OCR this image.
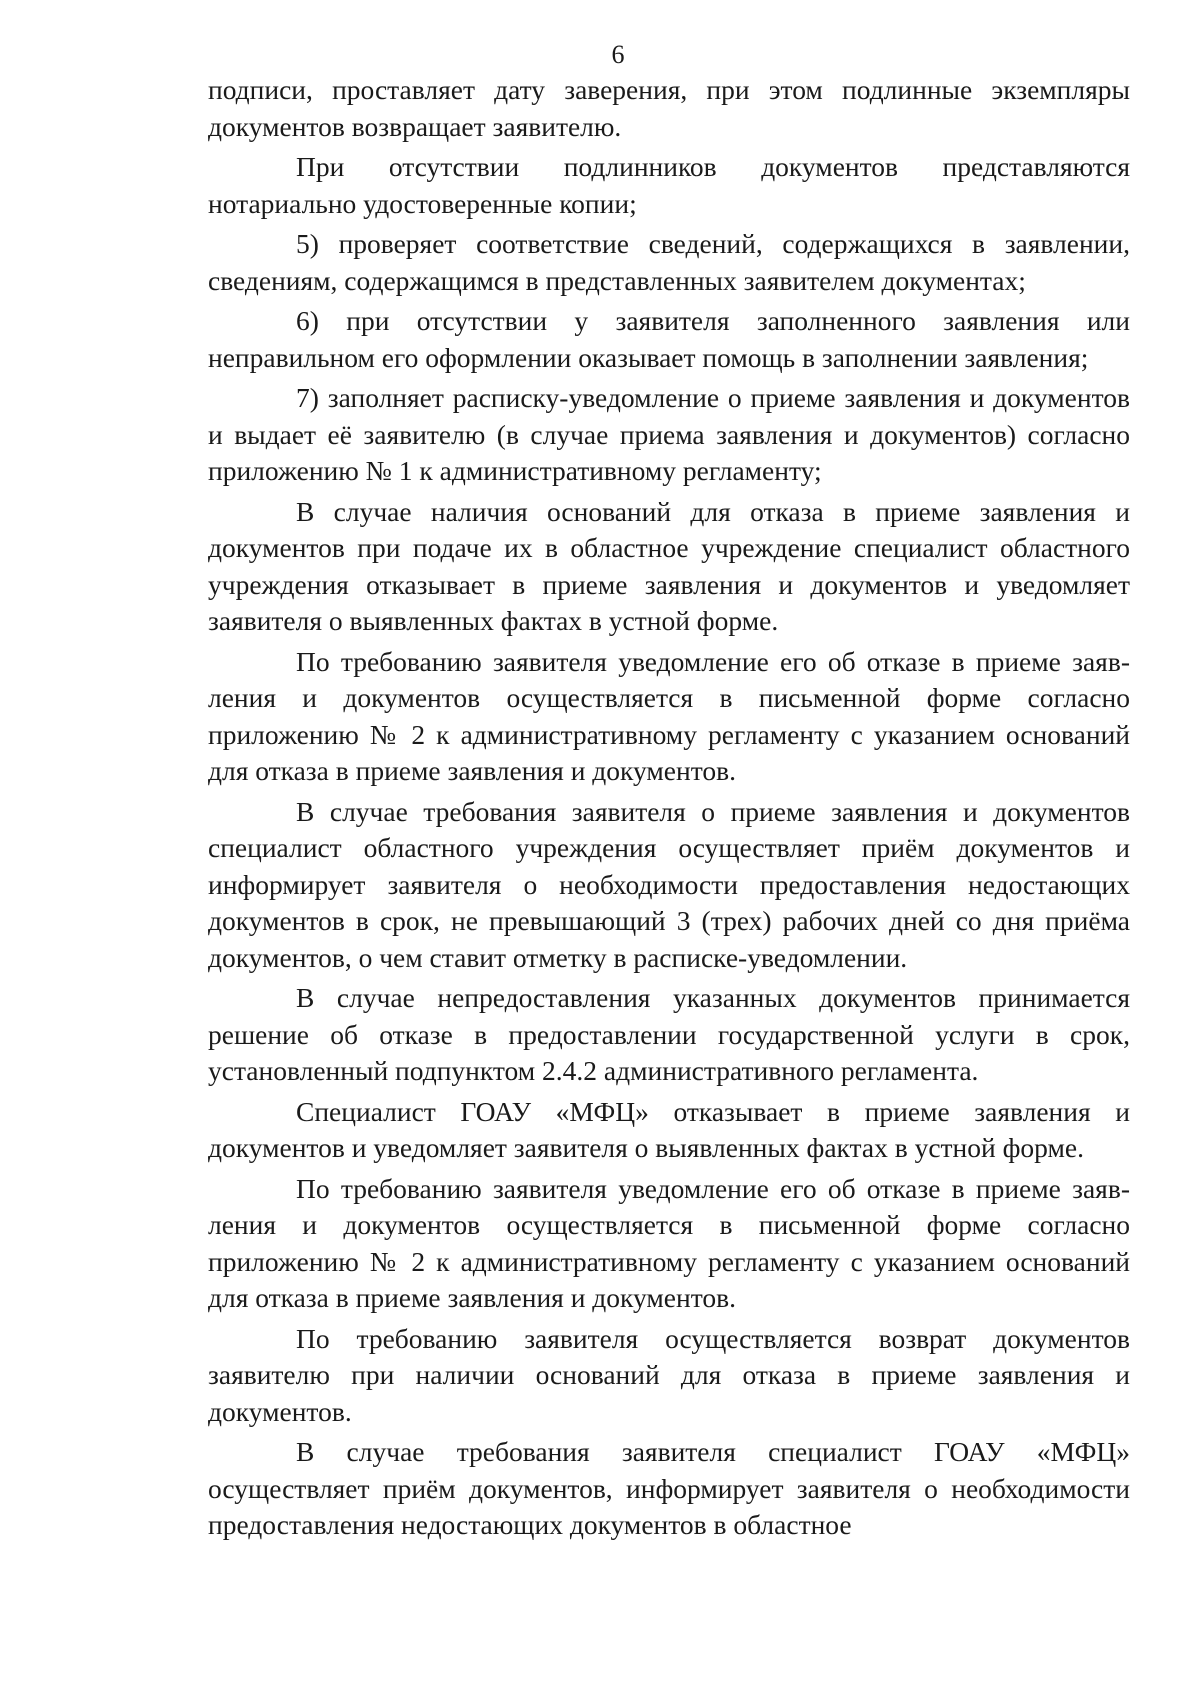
6

подписи, проставляет дату заверения, при этом подлинные экземпляры документов возвращает заявителю.

При отсутствии подлинников документов представляются нотариально удостоверенные копии;

5) проверяет соответствие сведений, содержащихся в заявлении, сведениям, содержащимся в представленных заявителем документах;

6) при отсутствии у заявителя заполненного заявления или неправильном его оформлении оказывает помощь в заполнении заявления;

7) заполняет расписку-уведомление о приеме заявления и документов и выдает её заявителю (в случае приема заявления и документов) согласно приложению № 1 к административному регламенту;

В случае наличия оснований для отказа в приеме заявления и документов при подаче их в областное учреждение специалист областного учреждения отказывает в приеме заявления и документов и уведомляет заявителя о выявленных фактах в устной форме.

По требованию заявителя уведомление его об отказе в приеме заявления и документов осуществляется в письменной форме согласно приложению № 2 к административному регламенту с указанием оснований для отказа в приеме заявления и документов.

В случае требования заявителя о приеме заявления и документов специалист областного учреждения осуществляет приём документов и информирует заявителя о необходимости предоставления недостающих документов в срок, не превышающий 3 (трех) рабочих дней со дня приёма документов, о чем ставит отметку в расписке-уведомлении.

В случае непредоставления указанных документов принимается решение об отказе в предоставлении государственной услуги в срок, установленный подпунктом 2.4.2 административного регламента.

Специалист ГОАУ «МФЦ» отказывает в приеме заявления и документов и уведомляет заявителя о выявленных фактах в устной форме.

По требованию заявителя уведомление его об отказе в приеме заявления и документов осуществляется в письменной форме согласно приложению № 2 к административному регламенту с указанием оснований для отказа в приеме заявления и документов.

По требованию заявителя осуществляется возврат документов заявителю при наличии оснований для отказа в приеме заявления и документов.

В случае требования заявителя специалист ГОАУ «МФЦ» осуществляет приём документов, информирует заявителя о необходимости предоставления недостающих документов в областное
